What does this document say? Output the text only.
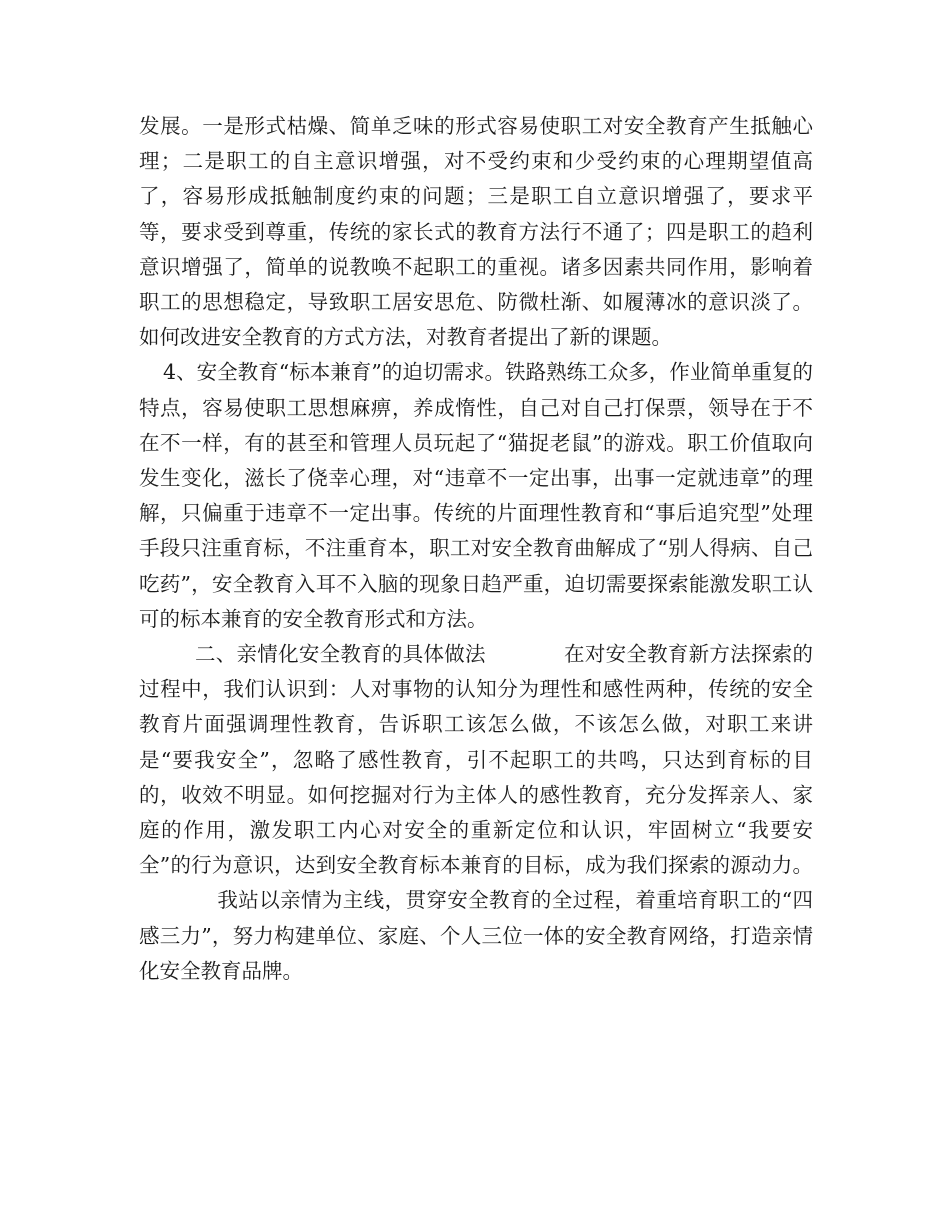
发展。一是形式枯燥、简单乏味的形式容易使职工对安全教育产生抵触心理；二是职工的自主意识增强，对不受约束和少受约束的心理期望值高了，容易形成抵触制度约束的问题；三是职工自立意识增强了，要求平等，要求受到尊重，传统的家长式的教育方法行不通了；四是职工的趋利意识增强了，简单的说教唤不起职工的重视。诸多因素共同作用，影响着职工的思想稳定，导致职工居安思危、防微杜渐、如履薄冰的意识淡了。如何改进安全教育的方式方法，对教育者提出了新的课题。

4、安全教育“标本兼育”的迫切需求。铁路熟练工众多，作业简单重复的特点，容易使职工思想麻痹，养成惰性，自己对自己打保票，领导在于不在不一样，有的甚至和管理人员玩起了“猫捉老鼠”的游戏。职工价值取向发生变化，滋长了侥幸心理，对“违章不一定出事，出事一定就违章”的理解，只偏重于违章不一定出事。传统的片面理性教育和“事后追究型”处理手段只注重育标，不注重育本，职工对安全教育曲解成了“别人得病、自己吃药”，安全教育入耳不入脑的现象日趋严重，迫切需要探索能激发职工认可的标本兼育的安全教育形式和方法。

二、亲情化安全教育的具体做法	在对安全教育新方法探索的过程中，我们认识到：人对事物的认知分为理性和感性两种，传统的安全教育片面强调理性教育，告诉职工该怎么做，不该怎么做，对职工来讲是“要我安全”，忽略了感性教育，引不起职工的共鸣，只达到育标的目的，收效不明显。如何挖掘对行为主体人的感性教育，充分发挥亲人、家庭的作用，激发职工内心对安全的重新定位和认识，牢固树立“我要安全”的行为意识，达到安全教育标本兼育的目标，成为我们探索的源动力。我站以亲情为主线，贯穿安全教育的全过程，着重培育职工的“四感三力”，努力构建单位、家庭、个人三位一体的安全教育网络，打造亲情化安全教育品牌。
